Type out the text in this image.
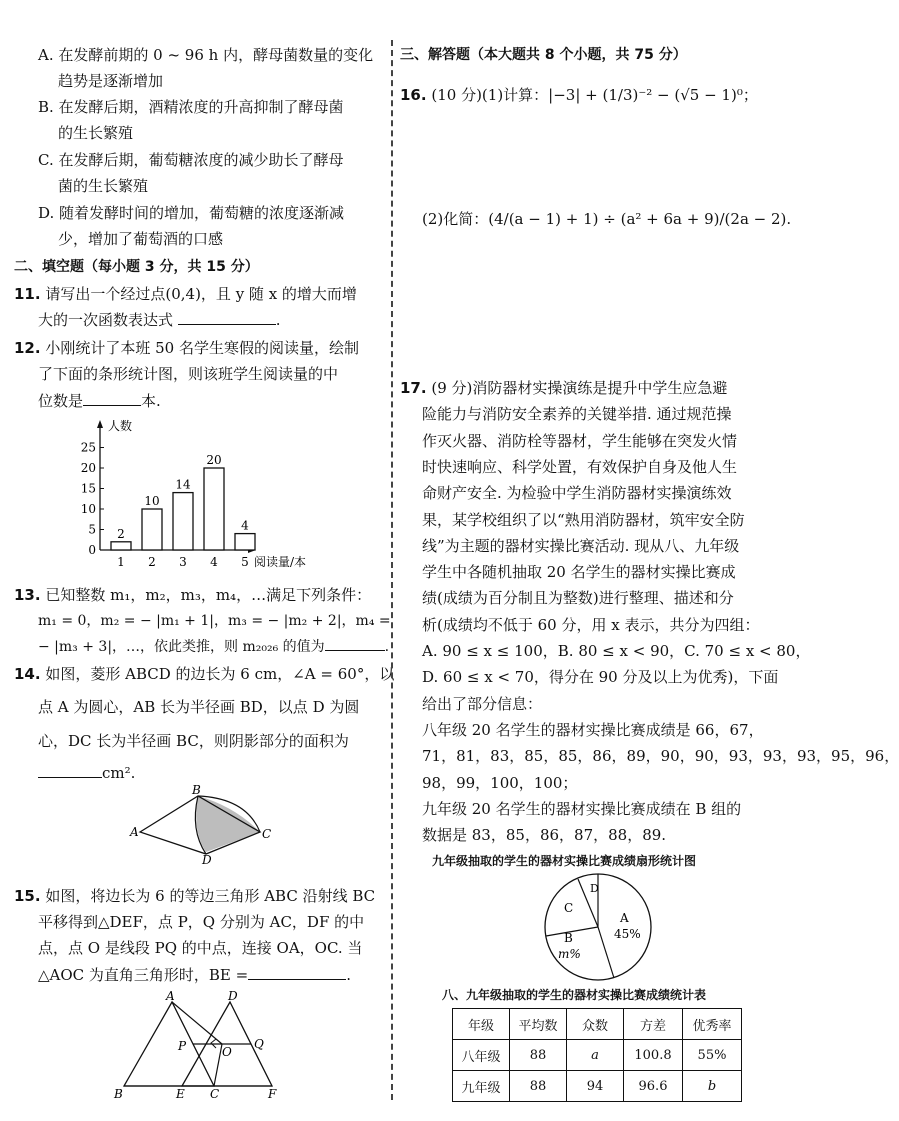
A. 在发酵前期的 0 ~ 96 h 内，酵母菌数量的变化
趋势是逐渐增加
B. 在发酵后期，酒精浓度的升高抑制了酵母菌
的生长繁殖
C. 在发酵后期，葡萄糖浓度的减少助长了酵母
菌的生长繁殖
D. 随着发酵时间的增加，葡萄糖的浓度逐渐减
少，增加了葡萄酒的口感
二、填空题（每小题 3 分，共 15 分）
11. 请写出一个经过点(0,4)，且 y 随 x 的增大而增
大的一次函数表达式	.
12. 小刚统计了本班 50 名学生寒假的阅读量，绘制
了下面的条形统计图，则该班学生阅读量的中
位数是	本.
0
5
10
15
20
25
2
1
10
2
14
3
20
4
4
5
人数
阅读量/本
13. 已知整数 m₁，m₂，m₃，m₄，…满足下列条件：
m₁ = 0，m₂ = − |m₁ + 1|，m₃ = − |m₂ + 2|，m₄ =
− |m₃ + 3|，…，依此类推，则 m₂₀₂₆ 的值为	.
14. 如图，菱形 ABCD 的边长为 6 cm，∠A = 60°，以
点 A 为圆心，AB 长为半径画 BD，以点 D 为圆
心，DC 长为半径画 BC，则阴影部分的面积为
cm².
A
B
C
D
15. 如图，将边长为 6 的等边三角形 ABC 沿射线 BC
平移得到△DEF，点 P，Q 分别为 AC，DF 的中
点，点 O 是线段 PQ 的中点，连接 OA，OC. 当
△AOC 为直角三角形时，BE =	.
A	D
P	O
Q
B	E C	F
三、解答题（本大题共 8 个小题，共 75 分）
16. (10 分)(1)计算：|−3| + (1/3)⁻² − (√5 − 1)⁰；
(2)化简：(4/(a − 1) + 1) ÷ (a² + 6a + 9)/(2a − 2).
17. (9 分)消防器材实操演练是提升中学生应急避
险能力与消防安全素养的关键举措. 通过规范操
作灭火器、消防栓等器材，学生能够在突发火情
时快速响应、科学处置，有效保护自身及他人生
命财产安全. 为检验中学生消防器材实操演练效
果，某学校组织了以“熟用消防器材，筑牢安全防
线”为主题的器材实操比赛活动. 现从八、九年级
学生中各随机抽取 20 名学生的器材实操比赛成
绩(成绩为百分制且为整数)进行整理、描述和分
析(成绩均不低于 60 分，用 x 表示，共分为四组：
A. 90 ≤ x ≤ 100，B. 80 ≤ x < 90，C. 70 ≤ x < 80，
D. 60 ≤ x < 70，得分在 90 分及以上为优秀)，下面
给出了部分信息：
八年级 20 名学生的器材实操比赛成绩是 66，67，
71，81，83，85，85，86，89，90，90，93，93，93，95，96，
98，99，100，100；
九年级 20 名学生的器材实操比赛成绩在 B 组的
数据是 83，85，86，87，88，89.
九年级抽取的学生的器材实操比赛成绩扇形统计图
D
C
A
45%
B
m%
八、九年级抽取的学生的器材实操比赛成绩统计表
年级	平均数	众数	方差	优秀率
八年级	88	a	100.8	55%
九年级	88	94	96.6	b
